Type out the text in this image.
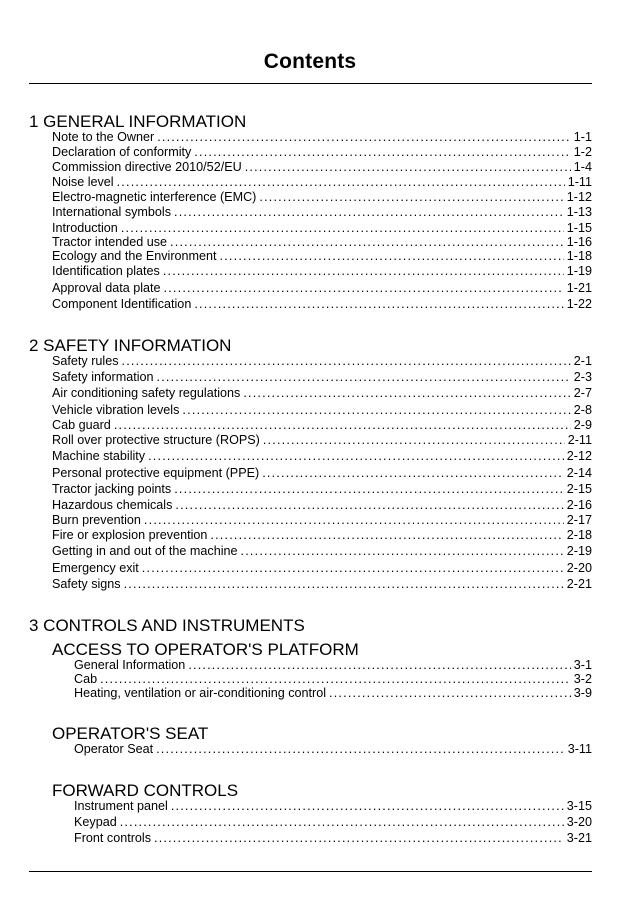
Contents
1 GENERAL INFORMATION
Note to the Owner .....	1-1
Declaration of conformity .....	1-2
Commission directive 2010/52/EU .....	1-4
Noise level .....	1-11
Electro-magnetic interference (EMC) .....	1-12
International symbols .....	1-13
Introduction .....	1-15
Tractor intended use .....	1-16
Ecology and the Environment .....	1-18
Identification plates .....	1-19
Approval data plate .....	1-21
Component Identification .....	1-22
2 SAFETY INFORMATION
Safety rules .....	2-1
Safety information .....	2-3
Air conditioning safety regulations .....	2-7
Vehicle vibration levels .....	2-8
Cab guard .....	2-9
Roll over protective structure (ROPS) .....	2-11
Machine stability .....	2-12
Personal protective equipment (PPE) .....	2-14
Tractor jacking points .....	2-15
Hazardous chemicals .....	2-16
Burn prevention .....	2-17
Fire or explosion prevention .....	2-18
Getting in and out of the machine .....	2-19
Emergency exit .....	2-20
Safety signs .....	2-21
3 CONTROLS AND INSTRUMENTS
ACCESS TO OPERATOR'S PLATFORM
General Information .....	3-1
Cab .....	3-2
Heating, ventilation or air-conditioning control .....	3-9
OPERATOR'S SEAT
Operator Seat .....	3-11
FORWARD CONTROLS
Instrument panel .....	3-15
Keypad .....	3-20
Front controls .....	3-21
